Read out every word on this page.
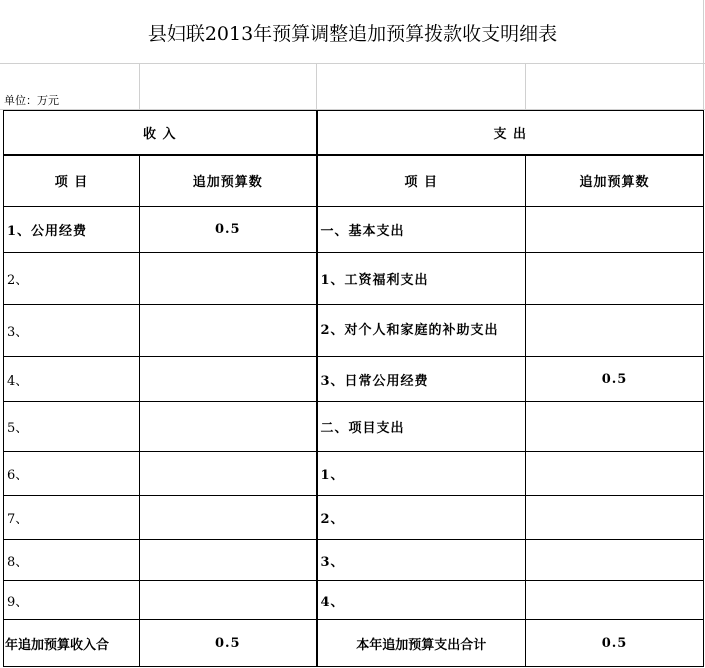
县妇联2013年预算调整追加预算拨款收支明细表
单位：万元
收 入		支 出	
项 目	追加预算数	项 目	追加预算数
1、公用经费	0.5	一、基本支出	
2、		1、工资福利支出	
3、		2、对个人和家庭的补助支出	
4、		3、日常公用经费	0.5
5、		二、项目支出	
6、		1、	
7、		2、	
8、		3、	
9、		4、	
年追加预算收入合	0.5	本年追加预算支出合计	0.5
